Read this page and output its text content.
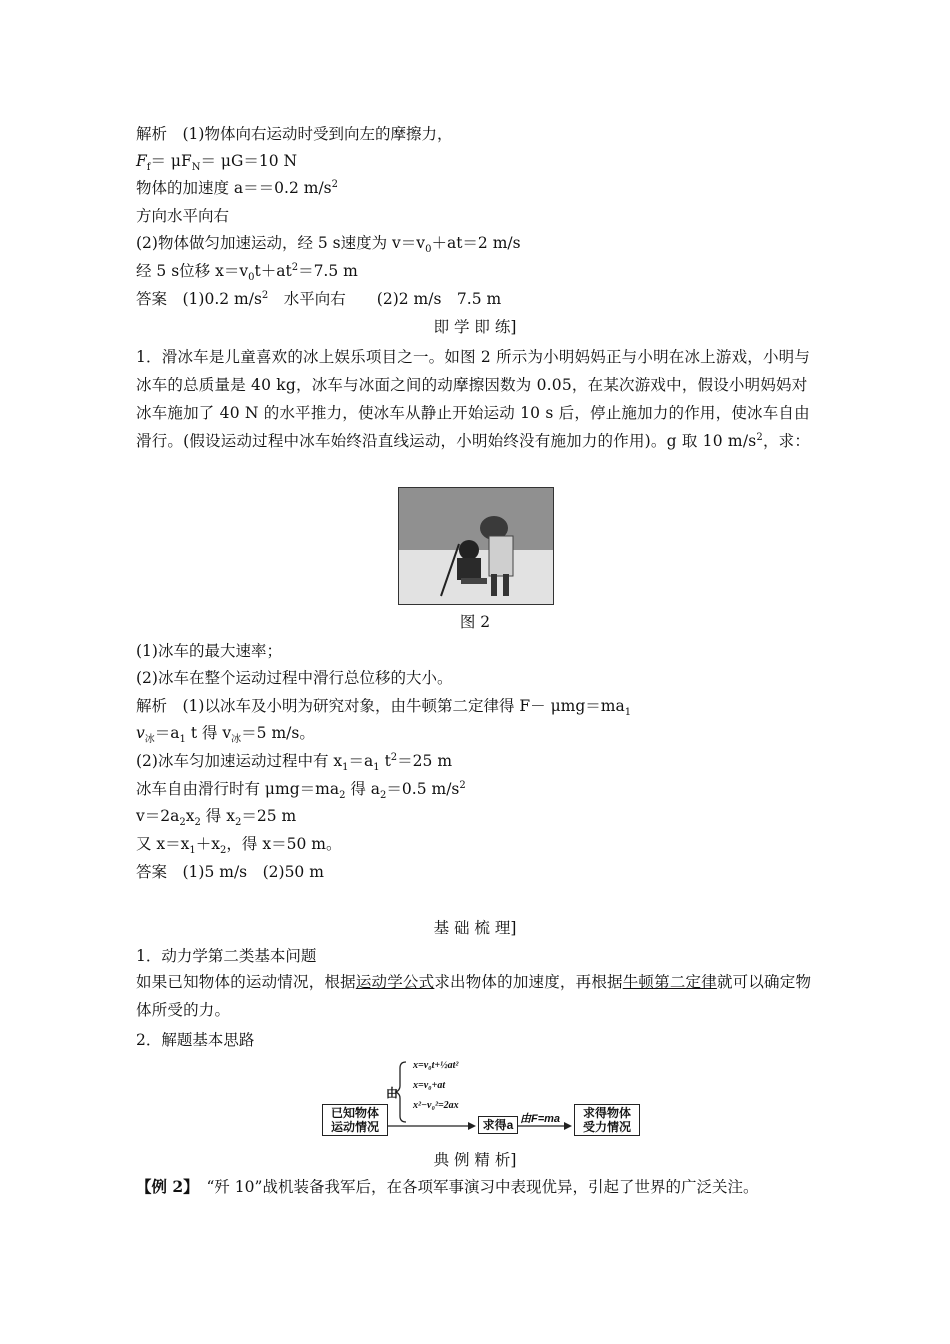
解析　(1)物体向右运动时受到向左的摩擦力，
$F_f= \mu F_N= \mu G=10$ N
物体的加速度 a＝＝0.2 $m/s^2$
方向水平向右
(2)物体做匀加速运动，经 5 s速度为 $v=v_0+at=2$ m/s
经 5 s位移 $x=v_0t+at^2=7.5$ m
答案　(1)0.2 $m/s^2$　水平向右　　(2)2 m/s　7.5 m
即 学 即 练]
1．滑冰车是儿童喜欢的冰上娱乐项目之一。如图 2 所示为小明妈妈正与小明在冰上游戏，小明与冰车的总质量是 40 kg，冰车与冰面之间的动摩擦因数为 0.05，在某次游戏中，假设小明妈妈对冰车施加了 40 N 的水平推力，使冰车从静止开始运动 10 s 后，停止施加力的作用，使冰车自由滑行。(假设运动过程中冰车始终沿直线运动，小明始终没有施加力的作用)。g 取 10 $m/s^2$，求：
图 2
(1)冰车的最大速率；
(2)冰车在整个运动过程中滑行总位移的大小。
解析　(1)以冰车及小明为研究对象，由牛顿第二定律得 $F- \mu mg=ma_1$
$v_冰=a_1$ t 得 $v_冰=5$ m/s。
(2)冰车匀加速运动过程中有 $x_1=a_1$ $t^2=25$ m
冰车自由滑行时有 $\mu mg=ma_2$ 得 $a_2=0.5$ $m/s^2$
$v=2a_2x_2$ 得 $x_2=25$ m
又 $x=x_1+x_2$，得 x＝50 m。
答案　(1)5 m/s　(2)50 m
基 础 梳 理]
1．动力学第二类基本问题
如果已知物体的运动情况，根据运动学公式求出物体的加速度，再根据牛顿第二定律就可以确定物体所受的力。
2．解题基本思路
已知物体运动情况
由
x=v₀t+½at²
x=v₀+at
x²−v₀²=2ax
求得a 由F=ma	求得物体受力情况
典 例 精 析]
【例 2】　 “歼 10”战机装备我军后，在各项军事演习中表现优异，引起了世界的广泛关注。
